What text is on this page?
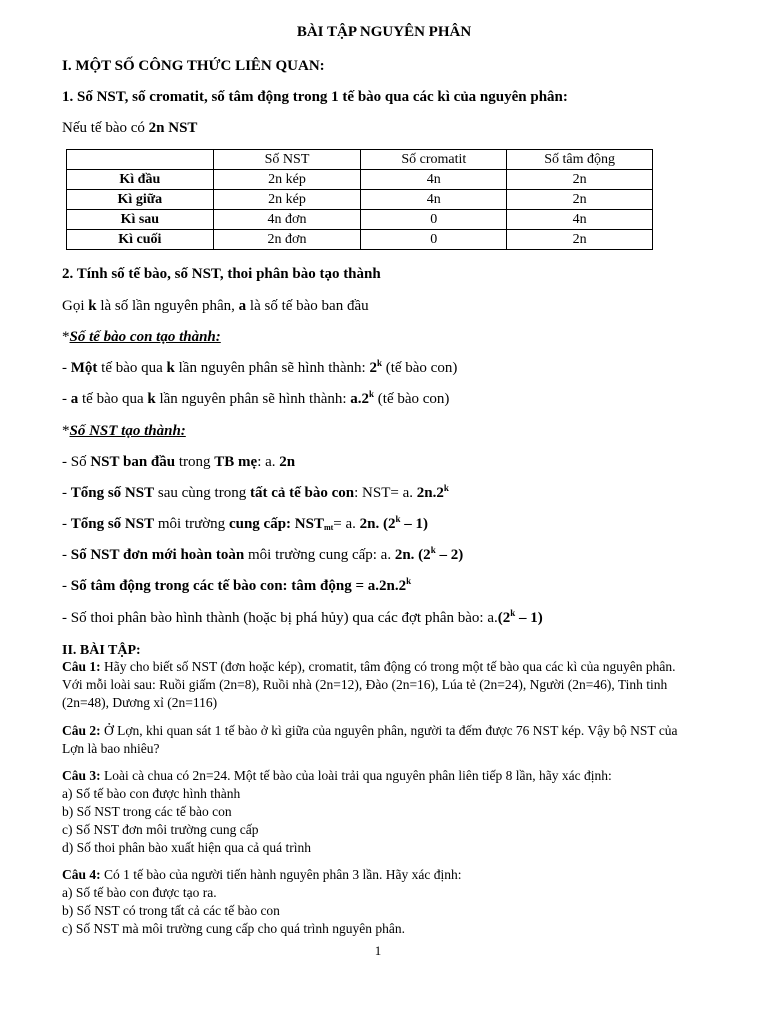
BÀI TẬP NGUYÊN PHÂN
I. MỘT SỐ CÔNG THỨC LIÊN QUAN:
1. Số NST, số cromatit, số tâm động trong 1 tế bào qua các kì của nguyên phân:
Nếu tế bào có 2n NST
	Số NST	Số cromatit	Số tâm động
Kì đầu	2n kép	4n	2n
Kì giữa	2n kép	4n	2n
Kì sau	4n đơn	0	4n
Kì cuối	2n đơn	0	2n
2. Tính số tế bào, số NST, thoi phân bào tạo thành
Gọi k là số lần nguyên phân, a là số tế bào ban đầu
*Số tế bào con tạo thành:
- Một tế bào qua k lần nguyên phân sẽ hình thành: 2$^k$ (tế bào con)
- a tế bào qua k lần nguyên phân sẽ hình thành: a.2$^k$ (tế bào con)
*Số NST tạo thành:
- Số NST ban đầu trong TB mẹ: a. 2n
- Tổng số NST sau cùng trong tất cả tế bào con: NST= a. 2n.2$^k$
- Tổng số NST môi trường cung cấp: $NST_{mt}= a$. 2n. (2$^k$ – 1)
- Số NST đơn mới hoàn toàn môi trường cung cấp: a. 2n. (2$^k$ – 2)
- Số tâm động trong các tế bào con: tâm động = $a.2n.2^k$
- Số thoi phân bào hình thành (hoặc bị phá hủy) qua các đợt phân bào: a.(2$^k$ – 1)
II. BÀI TẬP:
Câu 1: Hãy cho biết số NST (đơn hoặc kép), cromatit, tâm động có trong một tế bào qua các kì của nguyên phân.
Với mỗi loài sau: Ruồi giấm (2n=8), Ruồi nhà (2n=12), Đào (2n=16), Lúa tẻ (2n=24), Người (2n=46), Tinh tinh
(2n=48), Dương xỉ (2n=116)
Câu 2: Ở Lợn, khi quan sát 1 tế bào ở kì giữa của nguyên phân, người ta đếm được 76 NST kép. Vậy bộ NST của
Lợn là bao nhiêu?
Câu 3: Loài cà chua có 2n=24. Một tế bào của loài trải qua nguyên phân liên tiếp 8 lần, hãy xác định:
a) Số tế bào con được hình thành
b) Số NST trong các tế bào con
c) Số NST đơn môi trường cung cấp
d) Số thoi phân bào xuất hiện qua cả quá trình
Câu 4: Có 1 tế bào của người tiến hành nguyên phân 3 lần. Hãy xác định:
a) Số tế bào con được tạo ra.
b) Số NST có trong tất cả các tế bào con
c) Số NST mà môi trường cung cấp cho quá trình nguyên phân.
1
